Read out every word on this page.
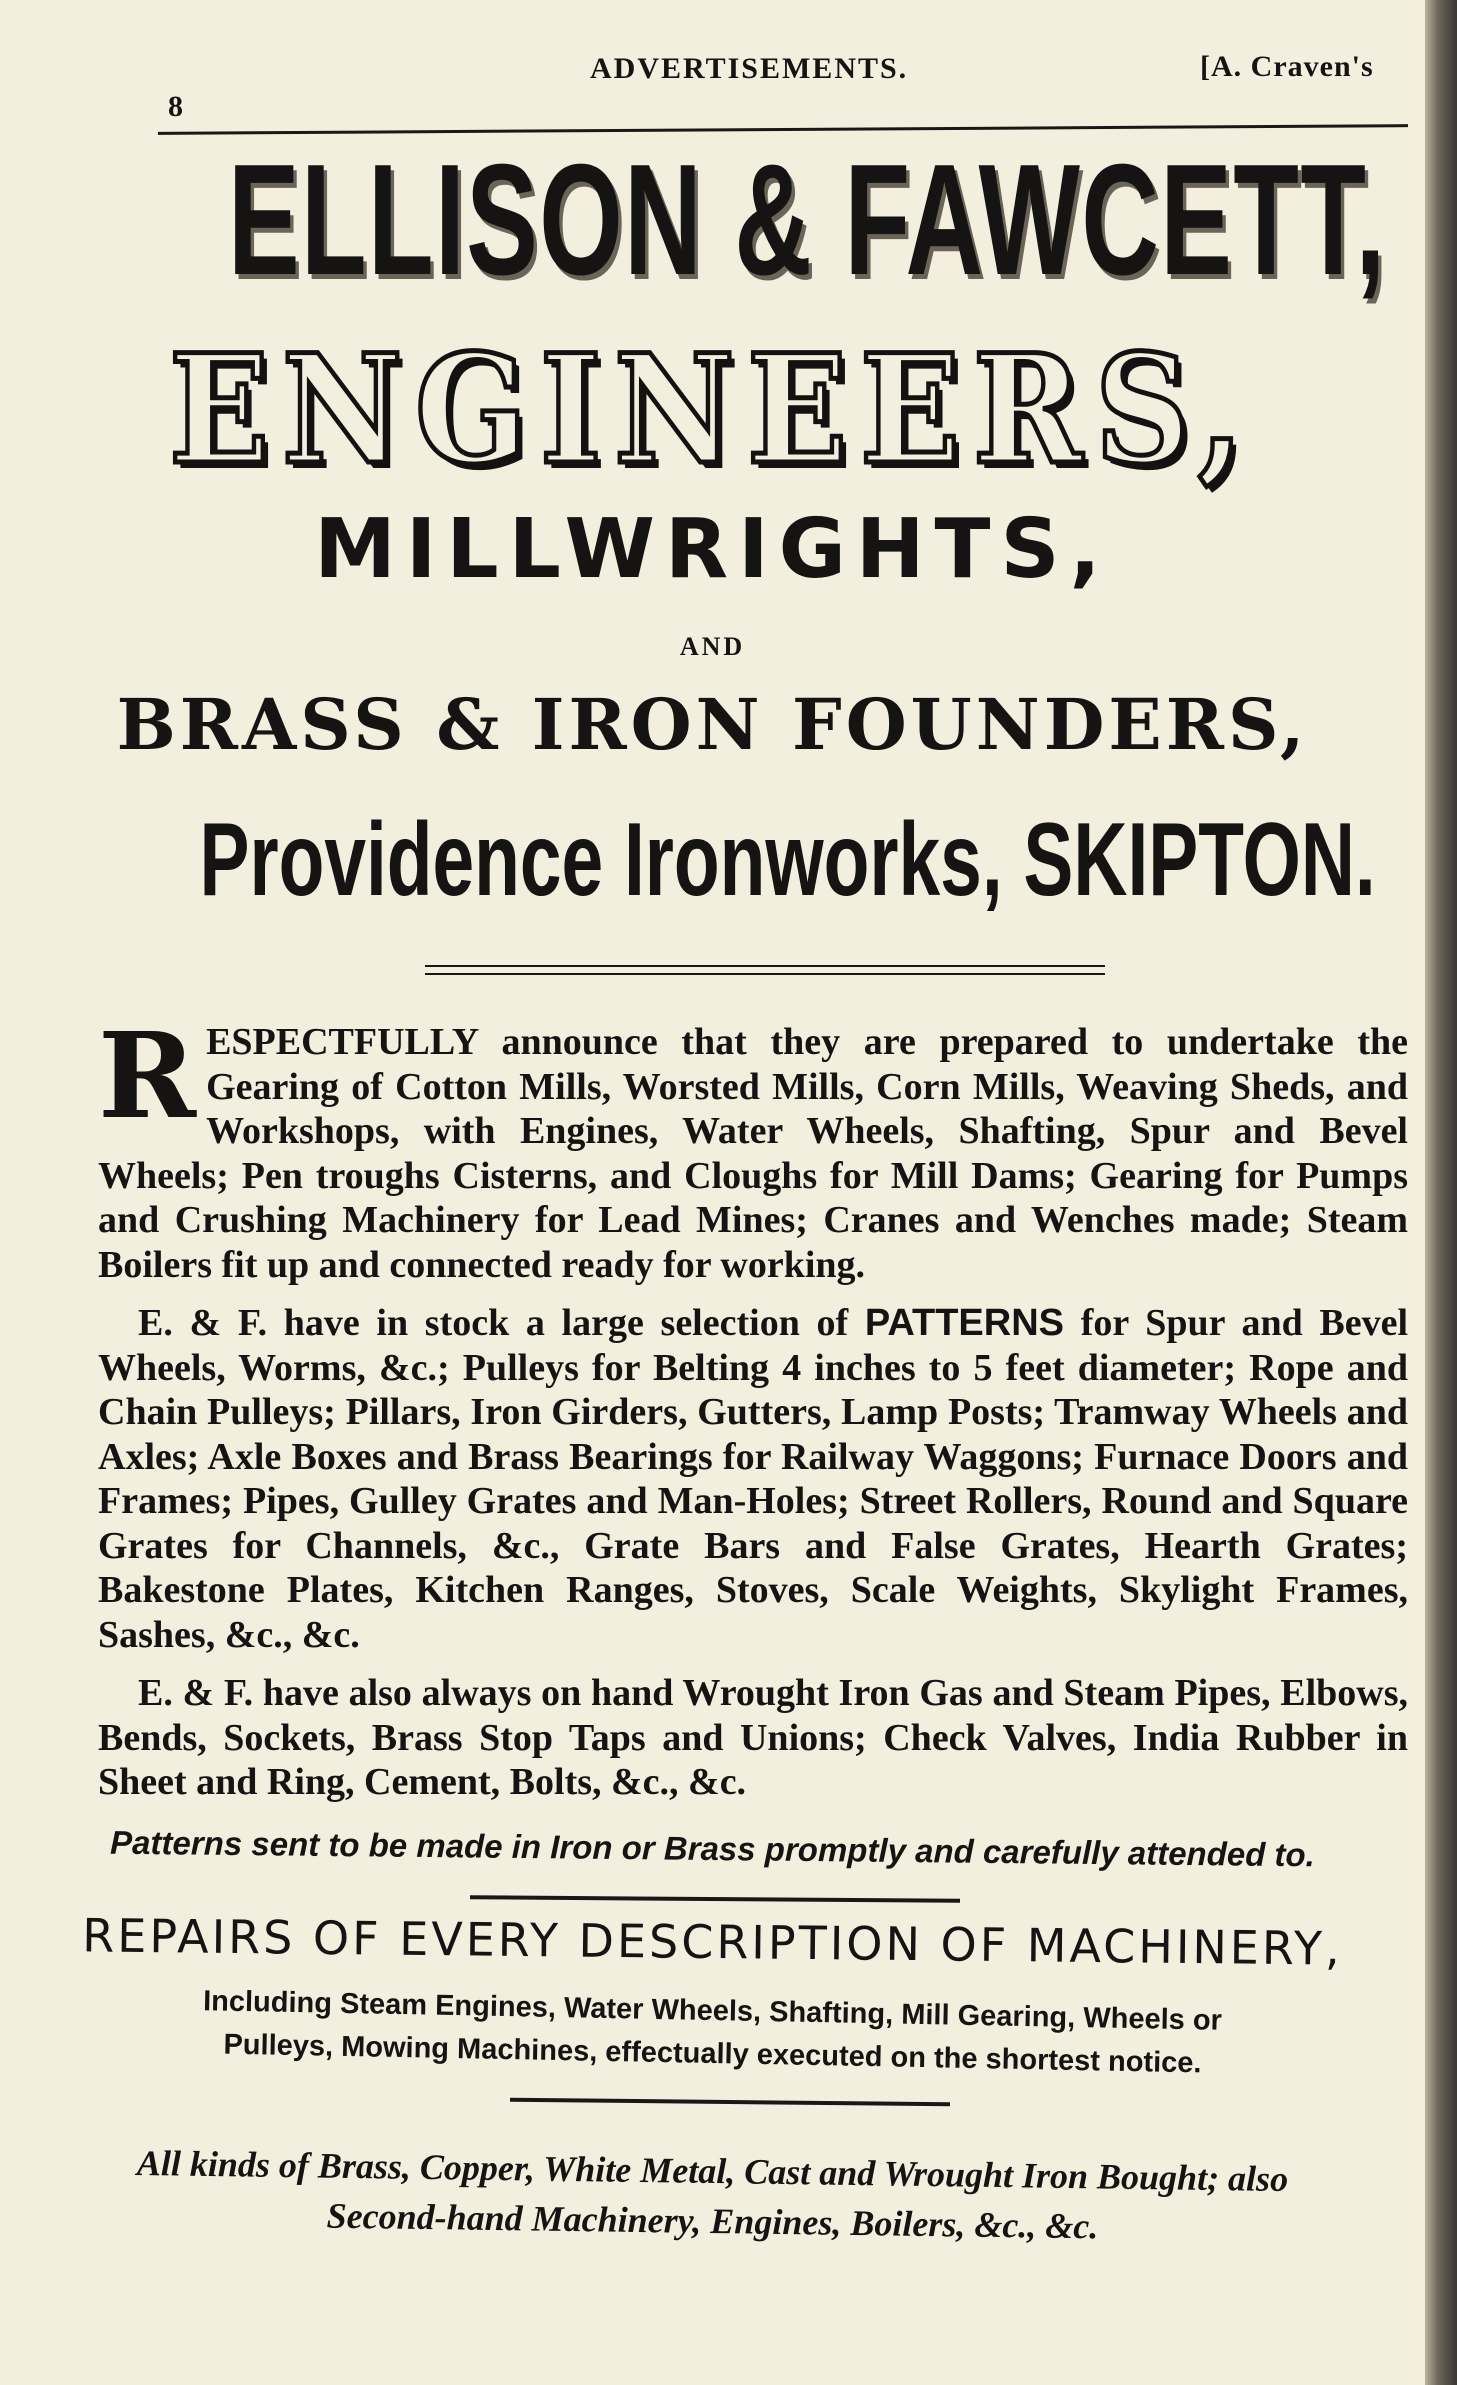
8
ADVERTISEMENTS.	[A. Craven's
ELLISON & FAWCETT,
ENGINEERS,
MILLWRIGHTS,
AND
BRASS & IRON FOUNDERS,
Providence Ironworks, SKIPTON.

RESPECTFULLY announce that they are prepared to undertake the Gearing of Cotton Mills, Worsted Mills, Corn Mills, Weaving Sheds, and Workshops, with Engines, Water Wheels, Shafting, Spur and Bevel Wheels; Pen troughs Cisterns, and Cloughs for Mill Dams; Gearing for Pumps and Crushing Machinery for Lead Mines; Cranes and Wenches made; Steam Boilers fit up and connected ready for working.

E. & F. have in stock a large selection of PATTERNS for Spur and Bevel Wheels, Worms, &c.; Pulleys for Belting 4 inches to 5 feet diameter; Rope and Chain Pulleys; Pillars, Iron Girders, Gutters, Lamp Posts; Tramway Wheels and Axles; Axle Boxes and Brass Bearings for Railway Waggons; Furnace Doors and Frames; Pipes, Gulley Grates and Man-Holes; Street Rollers, Round and Square Grates for Channels, &c., Grate Bars and False Grates, Hearth Grates; Bakestone Plates, Kitchen Ranges, Stoves, Scale Weights, Skylight Frames, Sashes, &c., &c.

E. & F. have also always on hand Wrought Iron Gas and Steam Pipes, Elbows, Bends, Sockets, Brass Stop Taps and Unions; Check Valves, India Rubber in Sheet and Ring, Cement, Bolts, &c., &c.

Patterns sent to be made in Iron or Brass promptly and carefully attended to.
REPAIRS OF EVERY DESCRIPTION OF MACHINERY,
Including Steam Engines, Water Wheels, Shafting, Mill Gearing, Wheels or
Pulleys, Mowing Machines, effectually executed on the shortest notice.
All kinds of Brass, Copper, White Metal, Cast and Wrought Iron Bought; also
Second-hand Machinery, Engines, Boilers, &c., &c.
